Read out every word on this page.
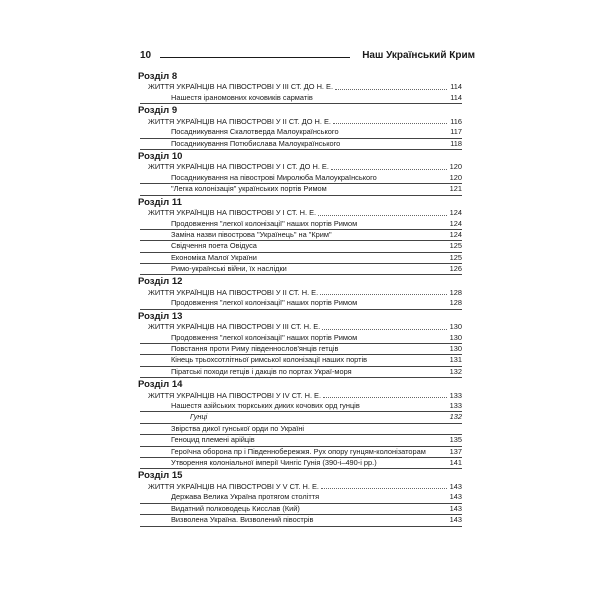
10	Наш Український Крим
Розділ 8
ЖИТТЯ УКРАЇНЦІВ НА ПІВОСТРОВІ У ІІІ СТ. ДО Н. Е.	114
Нашестя іраномовних кочовиків сарматів	114
Розділ 9
ЖИТТЯ УКРАЇНЦІВ НА ПІВОСТРОВІ У ІІ СТ. ДО Н. Е.	116
Посадникування Скалотверда Малоукраїнського	117
Посадникування Потюбислава Малоукраїнського	118
Розділ 10
ЖИТТЯ УКРАЇНЦІВ НА ПІВОСТРОВІ У І СТ. ДО Н. Е.	120
Посадникування на півострові Миролюба Малоукраїнського	120
"Легка колонізація" українських портів Римом	121
Розділ 11
ЖИТТЯ УКРАЇНЦІВ НА ПІВОСТРОВІ У І СТ. Н. Е.	124
Продовження "легкої колонізації" наших портів Римом	124
Заміна назви півострова "Українець" на "Крим"	124
Свідчення поета Овідуса	125
Економіка Малої України	125
Римо-українські війни, їх наслідки	126
Розділ 12
ЖИТТЯ УКРАЇНЦІВ НА ПІВОСТРОВІ У ІІ СТ. Н. Е.	128
Продовження "легкої колонізації" наших портів Римом	128
Розділ 13
ЖИТТЯ УКРАЇНЦІВ НА ПІВОСТРОВІ У ІІІ СТ. Н. Е.	130
Продовження "легкої колонізації" наших портів Римом	130
Повстання проти Риму південнослов'янців гетців	130
Кінець трьохсотлітньої римської колонізації наших портів	131
Піратські походи гетців і дакців по портах Украї-моря	132
Розділ 14
ЖИТТЯ УКРАЇНЦІВ НА ПІВОСТРОВІ У IV СТ. Н. Е.	133
Нашестя азійських тюркських диких кочових орд гунців	133
Гунці	132
Звірства дикої гунської орди по Україні
Геноцид племені арійців	135
Героїчна оборона пр і Південнобережжя. Рух опору гунцям-колонізаторам	137
Утворення колоніальної імперії Чингіс Гунія (390-і–490-і рр.)	141
Розділ 15
ЖИТТЯ УКРАЇНЦІВ НА ПІВОСТРОВІ У V СТ. Н. Е.	143
Держава Велика Україна протягом століття	143
Видатний полководець Кисслав (Кий)	143
Визволена Україна. Визволений півострів	143
